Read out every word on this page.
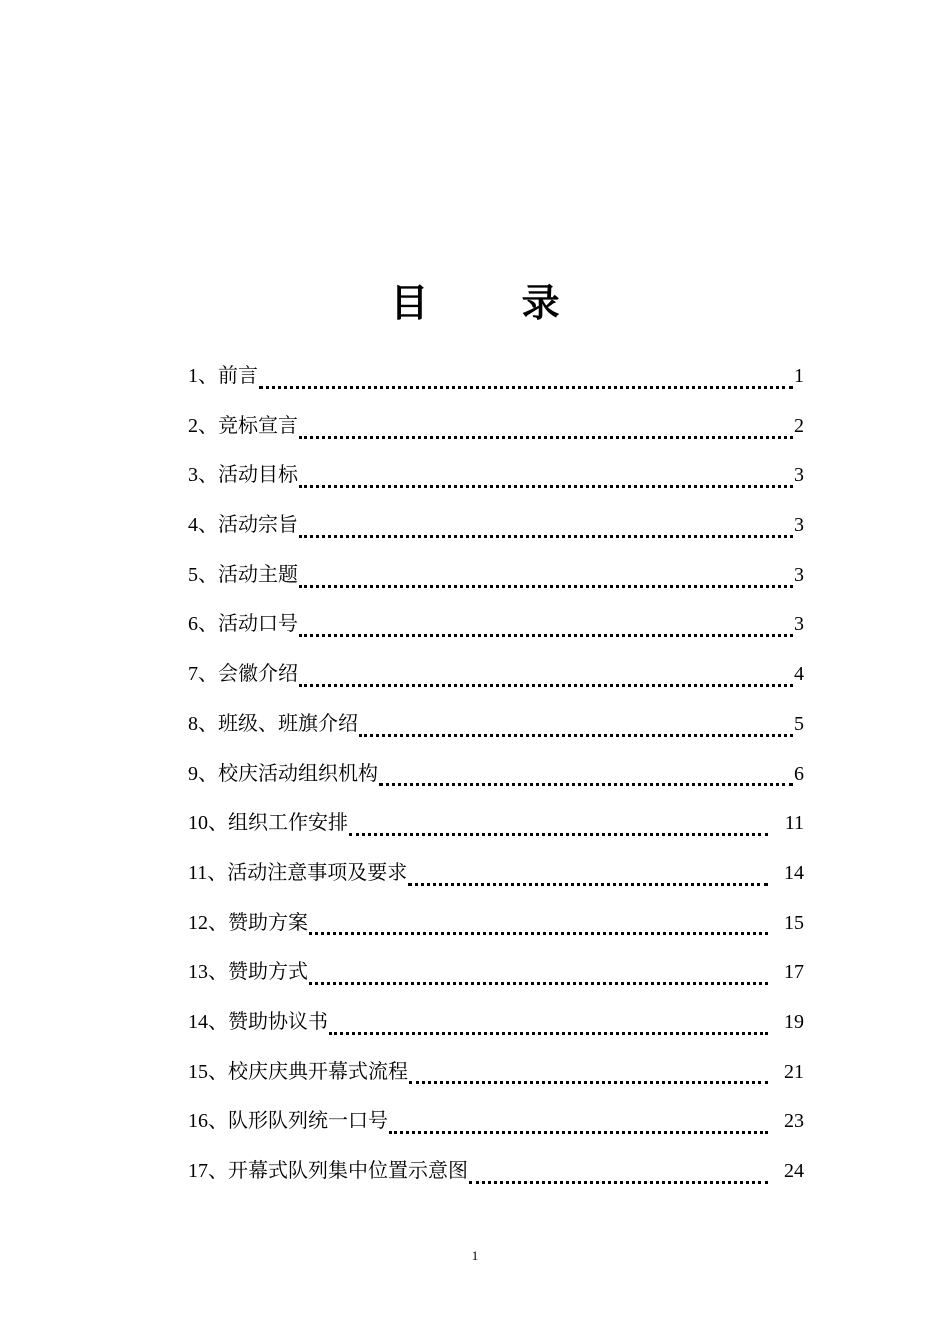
目 录
1、 前言	1
2、 竞标宣言	2
3、 活动目标	3
4、 活动宗旨	3
5、 活动主题	3
6、 活动口号	3
7、 会徽介绍	4
8、 班级、班旗介绍	5
9、 校庆活动组织机构	6
10、 组织工作安排	11
11、 活动注意事项及要求	14
12、 赞助方案	15
13、 赞助方式	17
14、 赞助协议书	19
15、 校庆庆典开幕式流程	21
16、 队形队列统一口号	23
17、 开幕式队列集中位置示意图	24
1
